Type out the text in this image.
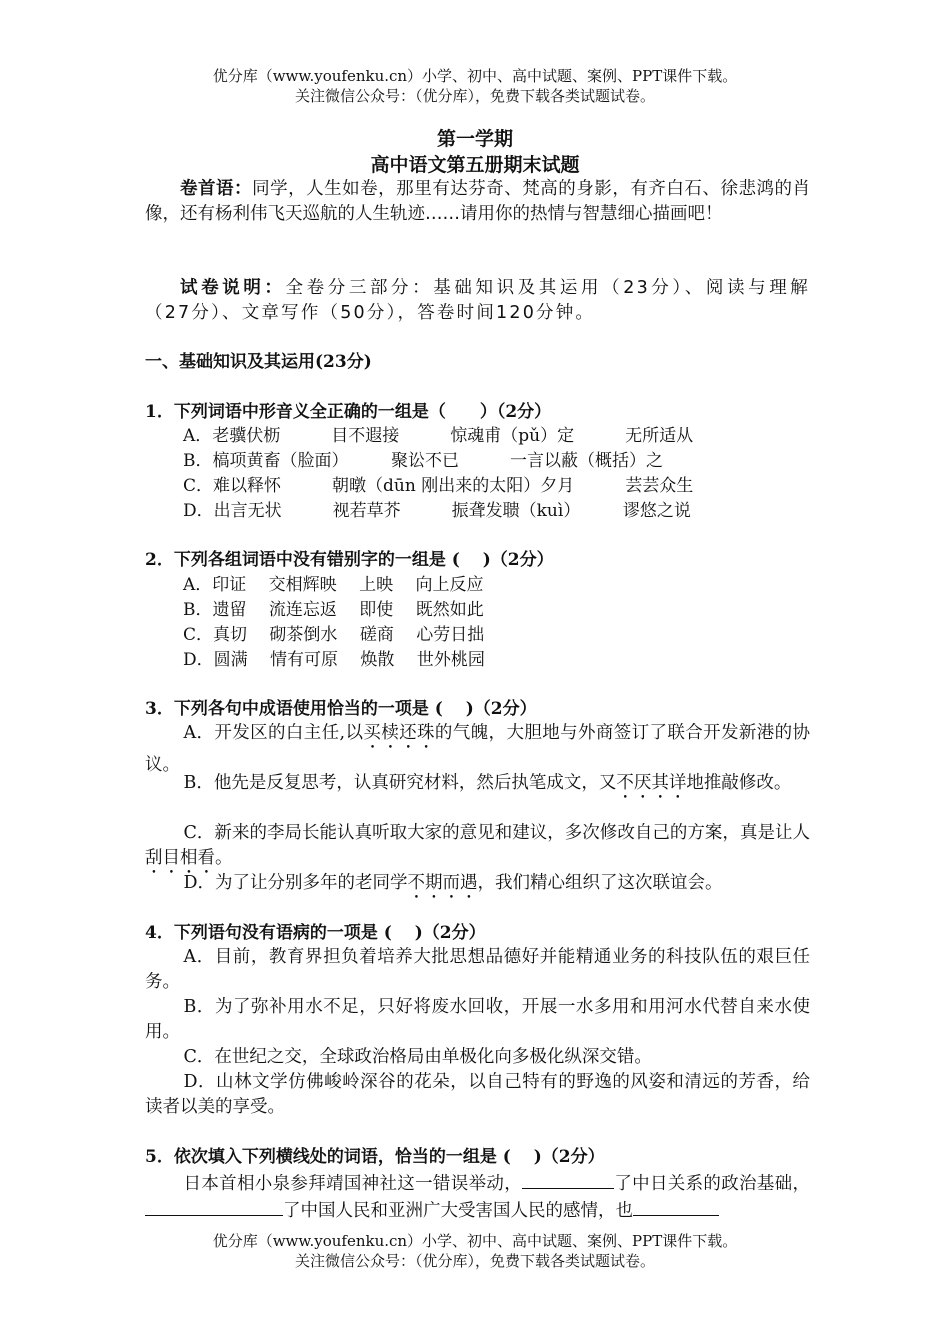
优分库（www.youfenku.cn）小学、初中、高中试题、案例、PPT课件下载。
关注微信公众号：（优分库），免费下载各类试题试卷。
第一学期
高中语文第五册期末试题

卷首语：同学，人生如卷，那里有达芬奇、梵高的身影，有齐白石、徐悲鸿的肖像，还有杨利伟飞天巡航的人生轨迹……请用你的热情与智慧细心描画吧！

试卷说明：全卷分三部分：基础知识及其运用（23分）、阅读与理解（27分）、文章写作（50分），答卷时间120分钟。

一、基础知识及其运用(23分)
1．下列词语中形音义全正确的一组是（　　）（2分）
A．老骥伏枥　　　目不遐接　　　惊魂甫（pǔ）定　　　无所适从
B．槁项黄畜（脸面）　　　聚讼不已　　　一言以蔽（概括）之
C．难以释怀　　　朝暾（dūn 刚出来的太阳）夕月　　　芸芸众生
D．出言无状　　　视若草芥　　　振聋发聩（kuì）　　　谬悠之说
2．下列各组词语中没有错别字的一组是 (　 )（2分）
A．印证　 交相辉映　 上映　 向上反应
B．遗留　 流连忘返　 即使　 既然如此
C．真切　 砌茶倒水　 磋商　 心劳日拙
D．圆满　 情有可原　 焕散　 世外桃园
3．下列各句中成语使用恰当的一项是 (　 )（2分）

A．开发区的白主任,以买椟还珠的气魄，大胆地与外商签订了联合开发新港的协议。

B．他先是反复思考，认真研究材料，然后执笔成文，又不厌其详地推敲修改。

C．新来的李局长能认真听取大家的意见和建议，多次修改自己的方案，真是让人刮目相看。

D．为了让分别多年的老同学不期而遇，我们精心组织了这次联谊会。

4．下列语句没有语病的一项是 (　 )（2分）

A．目前，教育界担负着培养大批思想品德好并能精通业务的科技队伍的艰巨任务。

B．为了弥补用水不足，只好将废水回收，开展一水多用和用河水代替自来水使用。

C．在世纪之交，全球政治格局由单极化向多极化纵深交错。

D．山林文学仿佛峻岭深谷的花朵，以自己特有的野逸的风姿和清远的芳香，给读者以美的享受。

5．依次填入下列横线处的词语，恰当的一组是 (　 )（2分）

日本首相小泉参拜靖国神社这一错误举动，	了中日关系的政治基础，了中国人民和亚洲广大受害国人民的感情，也

优分库（www.youfenku.cn）小学、初中、高中试题、案例、PPT课件下载。
关注微信公众号：（优分库），免费下载各类试题试卷。
